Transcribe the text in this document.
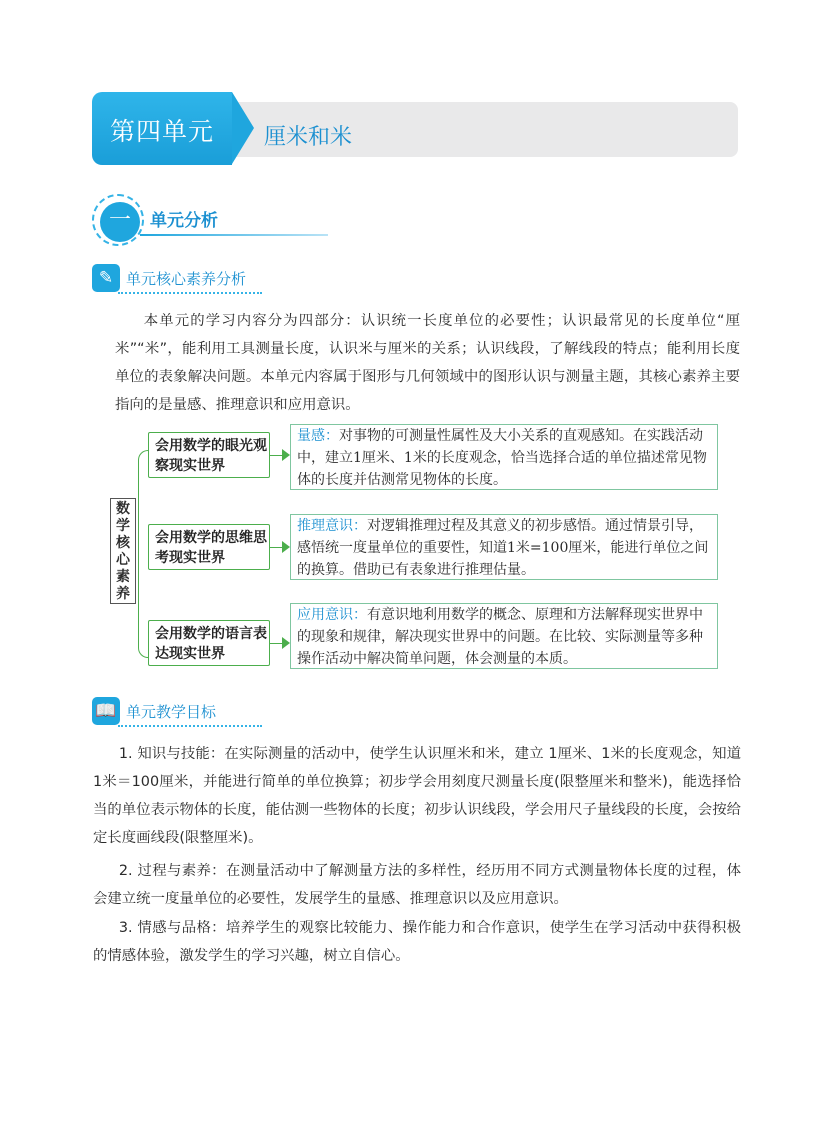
第四单元 厘米和米
一	单元分析
✎ 单元核心素养分析

本单元的学习内容分为四部分：认识统一长度单位的必要性；认识最常见的长度单位“厘米”“米”，能利用工具测量长度，认识米与厘米的关系；认识线段，了解线段的特点；能利用长度单位的表象解决问题。本单元内容属于图形与几何领域中的图形认识与测量主题，其核心素养主要指向的是量感、推理意识和应用意识。

数学核心素养
会用数学的眼光观察现实世界
量感：对事物的可测量性属性及大小关系的直观感知。在实践活动中，建立1厘米、1米的长度观念，恰当选择合适的单位描述常见物体的长度并估测常见物体的长度。
会用数学的思维思考现实世界
推理意识：对逻辑推理过程及其意义的初步感悟。通过情景引导，感悟统一度量单位的重要性，知道1米=100厘米，能进行单位之间的换算。借助已有表象进行推理估量。
会用数学的语言表达现实世界
应用意识：有意识地利用数学的概念、原理和方法解释现实世界中的现象和规律，解决现实世界中的问题。在比较、实际测量等多种操作活动中解决简单问题，体会测量的本质。
📖 单元教学目标

1. 知识与技能：在实际测量的活动中，使学生认识厘米和米，建立 1厘米、1米的长度观念，知道 1米＝100厘米，并能进行简单的单位换算；初步学会用刻度尺测量长度(限整厘米和整米)，能选择恰当的单位表示物体的长度，能估测一些物体的长度；初步认识线段，学会用尺子量线段的长度，会按给定长度画线段(限整厘米)。

2. 过程与素养：在测量活动中了解测量方法的多样性，经历用不同方式测量物体长度的过程，体会建立统一度量单位的必要性，发展学生的量感、推理意识以及应用意识。

3. 情感与品格：培养学生的观察比较能力、操作能力和合作意识，使学生在学习活动中获得积极的情感体验，激发学生的学习兴趣，树立自信心。
